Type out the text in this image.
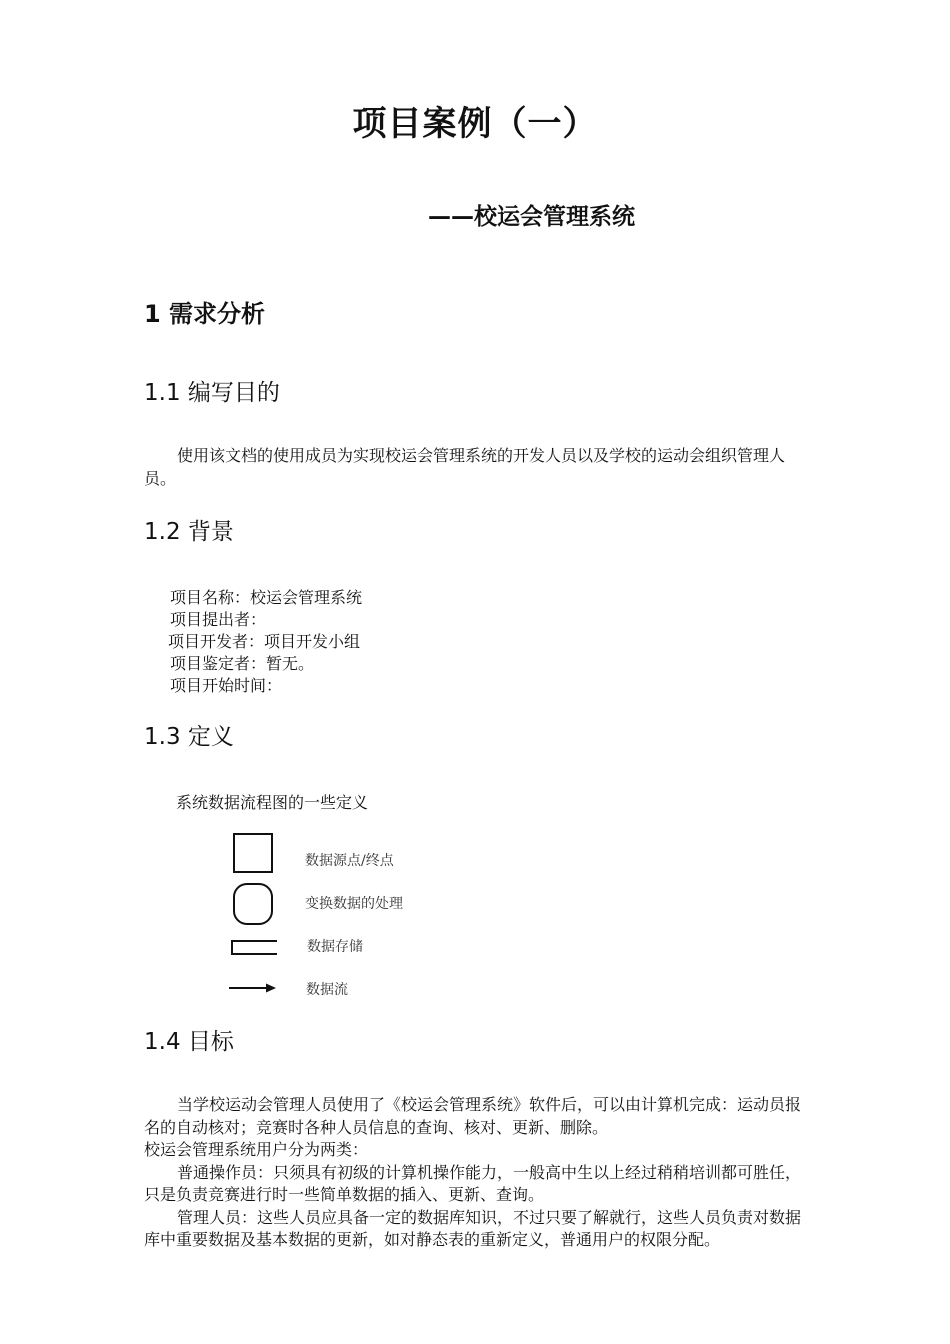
项目案例（一）
——校运会管理系统
1 需求分析
1.1 编写目的

使用该文档的使用成员为实现校运会管理系统的开发人员以及学校的运动会组织管理人员。

1.2 背景
项目名称：校运会管理系统
项目提出者：
项目开发者：项目开发小组
项目鉴定者：暂无。
项目开始时间：
1.3 定义
系统数据流程图的一些定义
数据源点/终点
变换数据的处理
数据存储
数据流
1.4 目标

当学校运动会管理人员使用了《校运会管理系统》软件后，可以由计算机完成：运动员报名的自动核对；竞赛时各种人员信息的查询、核对、更新、删除。

校运会管理系统用户分为两类：

普通操作员：只须具有初级的计算机操作能力，一般高中生以上经过稍稍培训都可胜任，只是负责竞赛进行时一些简单数据的插入、更新、查询。

管理人员：这些人员应具备一定的数据库知识，不过只要了解就行，这些人员负责对数据库中重要数据及基本数据的更新，如对静态表的重新定义，普通用户的权限分配。
